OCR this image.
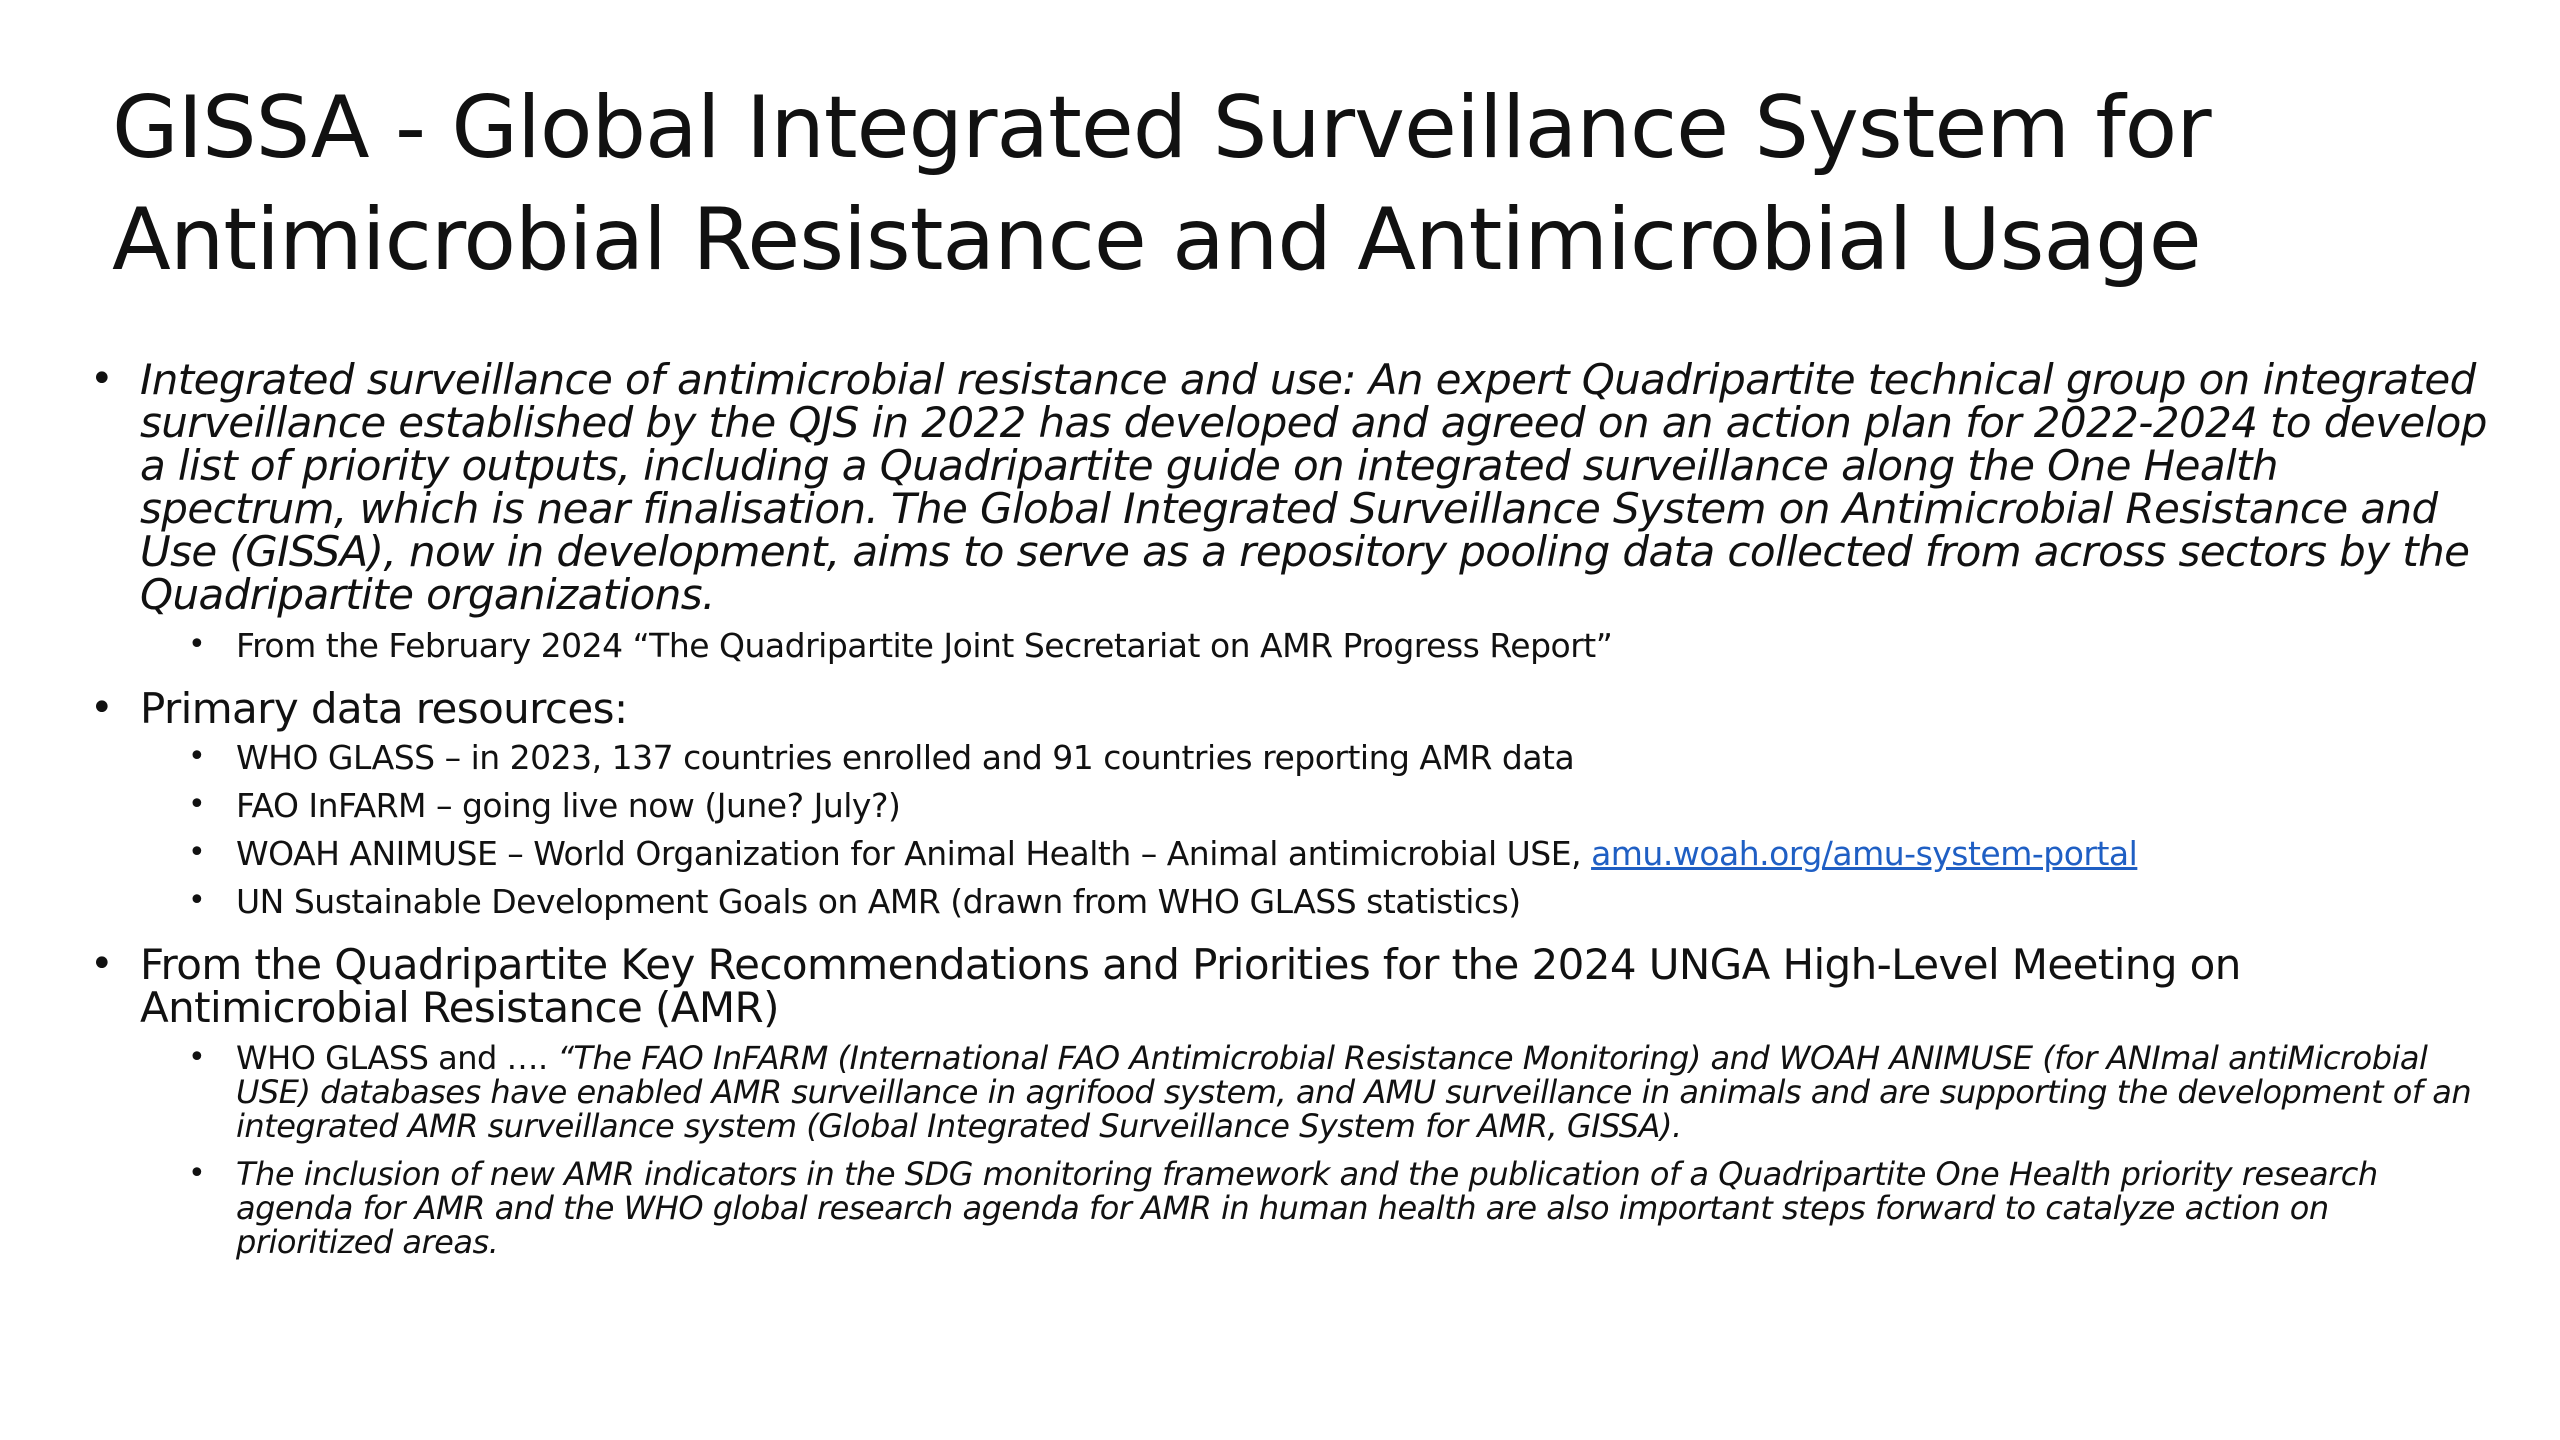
GISSA - Global Integrated Surveillance System for Antimicrobial Resistance and Antimicrobial Usage
• Integrated surveillance of antimicrobial resistance and use: An expert Quadripartite technical group on integrated surveillance established by the QJS in 2022 has developed and agreed on an action plan for 2022-2024 to develop a list of priority outputs, including a Quadripartite guide on integrated surveillance along the One Health spectrum, which is near finalisation. The Global Integrated Surveillance System on Antimicrobial Resistance and Use (GISSA), now in development, aims to serve as a repository pooling data collected from across sectors by the Quadripartite organizations.
• From the February 2024 “The Quadripartite Joint Secretariat on AMR Progress Report”
• Primary data resources:
• WHO GLASS – in 2023, 137 countries enrolled and 91 countries reporting AMR data
• FAO InFARM – going live now (June? July?)
• WOAH ANIMUSE – World Organization for Animal Health – Animal antimicrobial USE, amu.woah.org/amu-system-portal
• UN Sustainable Development Goals on AMR (drawn from WHO GLASS statistics)
• From the Quadripartite Key Recommendations and Priorities for the 2024 UNGA High-Level Meeting on Antimicrobial Resistance (AMR)
• WHO GLASS and …. “The FAO InFARM (International FAO Antimicrobial Resistance Monitoring) and WOAH ANIMUSE (for ANImal antiMicrobial USE) databases have enabled AMR surveillance in agrifood system, and AMU surveillance in animals and are supporting the development of an integrated AMR surveillance system (Global Integrated Surveillance System for AMR, GISSA).
• The inclusion of new AMR indicators in the SDG monitoring framework and the publication of a Quadripartite One Health priority research agenda for AMR and the WHO global research agenda for AMR in human health are also important steps forward to catalyze action on prioritized areas.
